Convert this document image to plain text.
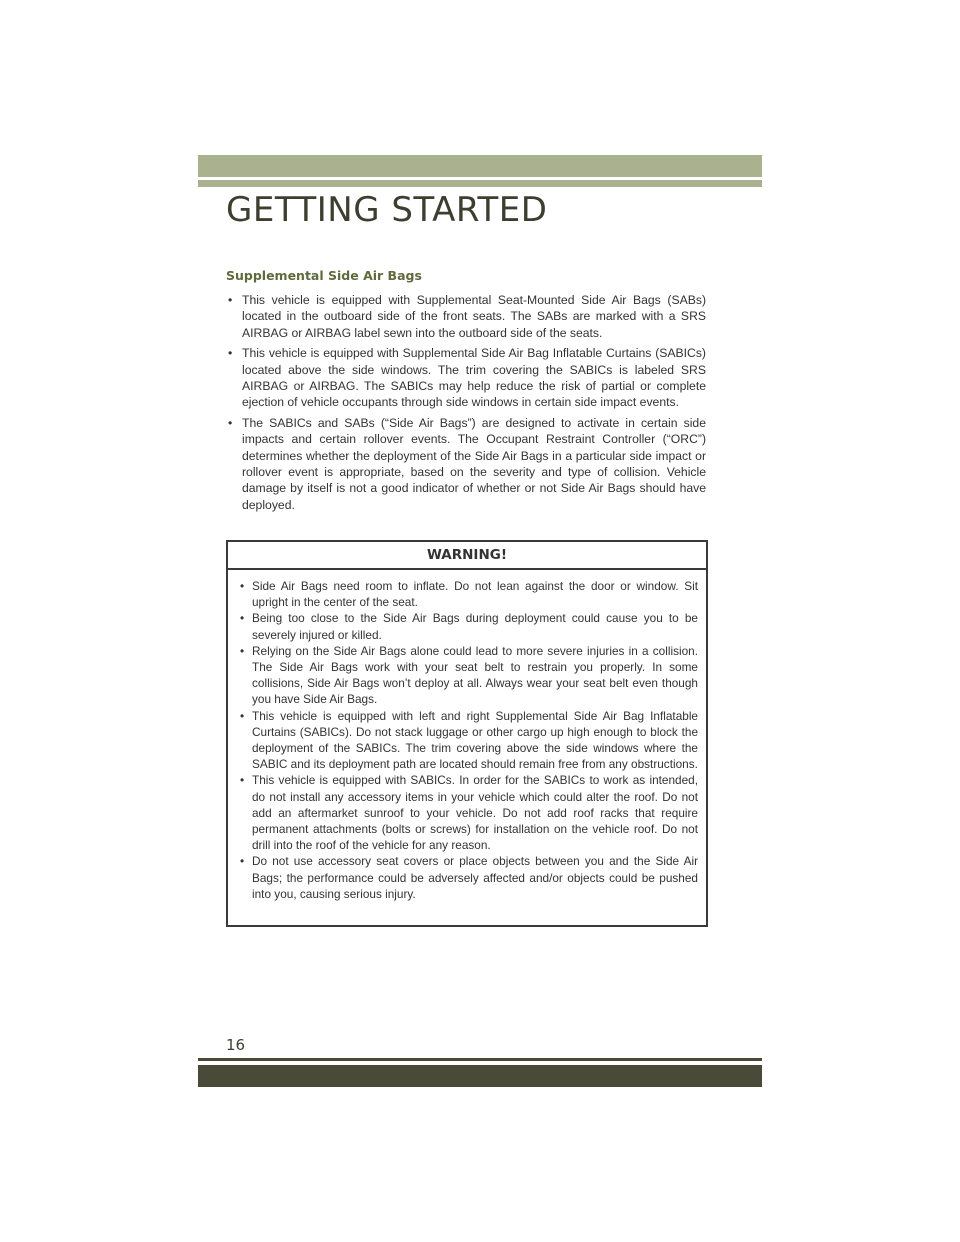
GETTING STARTED
Supplemental Side Air Bags
• This vehicle is equipped with Supplemental Seat-Mounted Side Air Bags (SABs) located in the outboard side of the front seats. The SABs are marked with a SRS AIRBAG or AIRBAG label sewn into the outboard side of the seats.
• This vehicle is equipped with Supplemental Side Air Bag Inflatable Curtains (SABICs) located above the side windows. The trim covering the SABICs is labeled SRS AIRBAG or AIRBAG. The SABICs may help reduce the risk of partial or complete ejection of vehicle occupants through side windows in certain side impact events.
• The SABICs and SABs (“Side Air Bags”) are designed to activate in certain side impacts and certain rollover events. The Occupant Restraint Controller (“ORC”) determines whether the deployment of the Side Air Bags in a particular side impact or rollover event is appropriate, based on the severity and type of collision. Vehicle damage by itself is not a good indicator of whether or not Side Air Bags should have deployed.
WARNING!
• Side Air Bags need room to inflate. Do not lean against the door or window. Sit upright in the center of the seat.
• Being too close to the Side Air Bags during deployment could cause you to be severely injured or killed.
• Relying on the Side Air Bags alone could lead to more severe injuries in a collision. The Side Air Bags work with your seat belt to restrain you properly. In some collisions, Side Air Bags won’t deploy at all. Always wear your seat belt even though you have Side Air Bags.
• This vehicle is equipped with left and right Supplemental Side Air Bag Inflatable Curtains (SABICs). Do not stack luggage or other cargo up high enough to block the deployment of the SABICs. The trim covering above the side windows where the SABIC and its deployment path are located should remain free from any obstructions.
• This vehicle is equipped with SABICs. In order for the SABICs to work as intended, do not install any accessory items in your vehicle which could alter the roof. Do not add an aftermarket sunroof to your vehicle. Do not add roof racks that require permanent attachments (bolts or screws) for installation on the vehicle roof. Do not drill into the roof of the vehicle for any reason.
• Do not use accessory seat covers or place objects between you and the Side Air Bags; the performance could be adversely affected and/or objects could be pushed into you, causing serious injury.

16
